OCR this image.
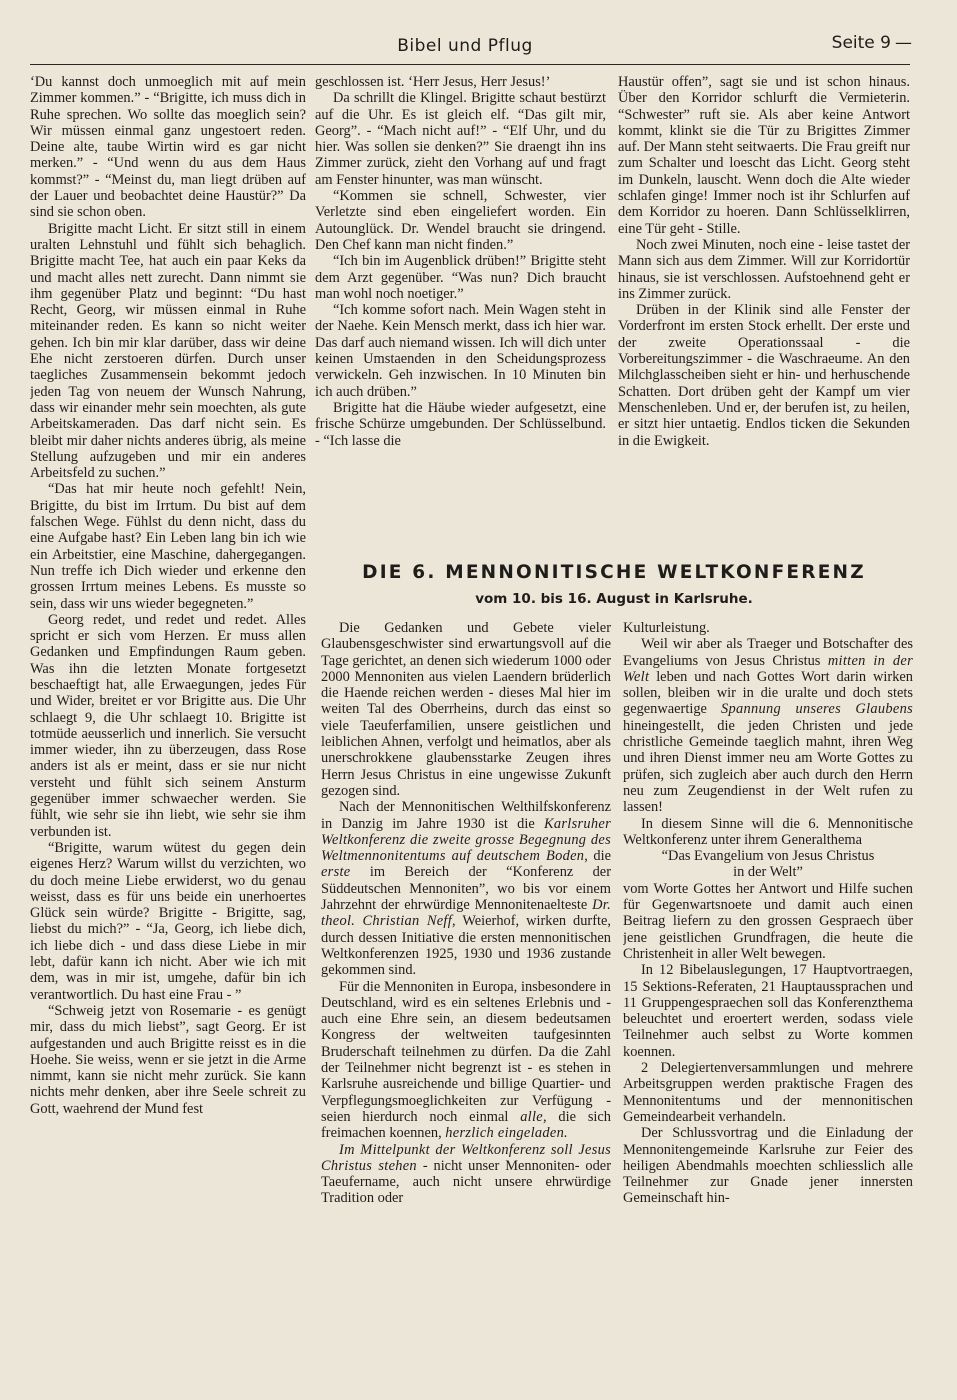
Bibel und Pflug	Seite 9 —

‘Du kannst doch unmoeglich mit auf mein Zimmer kommen.” - “Brigitte, ich muss dich in Ruhe sprechen. Wo sollte das moeglich sein? Wir müssen einmal ganz ungestoert reden. Deine alte, taube Wirtin wird es gar nicht merken.” - “Und wenn du aus dem Haus kommst?” - “Meinst du, man liegt drüben auf der Lauer und beobachtet deine Haustür?” Da sind sie schon oben.

Brigitte macht Licht. Er sitzt still in einem uralten Lehnstuhl und fühlt sich behaglich. Brigitte macht Tee, hat auch ein paar Keks da und macht alles nett zurecht. Dann nimmt sie ihm gegenüber Platz und beginnt: “Du hast Recht, Georg, wir müssen einmal in Ruhe miteinander reden. Es kann so nicht weiter gehen. Ich bin mir klar darüber, dass wir deine Ehe nicht zerstoeren dürfen. Durch unser taegliches Zusammensein bekommt jedoch jeden Tag von neuem der Wunsch Nahrung, dass wir einander mehr sein moechten, als gute Arbeitskameraden. Das darf nicht sein. Es bleibt mir daher nichts anderes übrig, als meine Stellung aufzugeben und mir ein anderes Arbeitsfeld zu suchen.”

“Das hat mir heute noch gefehlt! Nein, Brigitte, du bist im Irrtum. Du bist auf dem falschen Wege. Fühlst du denn nicht, dass du eine Aufgabe hast? Ein Leben lang bin ich wie ein Arbeitstier, eine Maschine, dahergegangen. Nun treffe ich Dich wieder und erkenne den grossen Irrtum meines Lebens. Es musste so sein, dass wir uns wieder begegneten.”

Georg redet, und redet und redet. Alles spricht er sich vom Herzen. Er muss allen Gedanken und Empfindungen Raum geben. Was ihn die letzten Monate fortgesetzt beschaeftigt hat, alle Erwaegungen, jedes Für und Wider, breitet er vor Brigitte aus. Die Uhr schlaegt 9, die Uhr schlaegt 10. Brigitte ist totmüde aeusserlich und innerlich. Sie versucht immer wieder, ihn zu überzeugen, dass Rose anders ist als er meint, dass er sie nur nicht versteht und fühlt sich seinem Ansturm gegenüber immer schwaecher werden. Sie fühlt, wie sehr sie ihn liebt, wie sehr sie ihm verbunden ist.

“Brigitte, warum wütest du gegen dein eigenes Herz? Warum willst du verzichten, wo du doch meine Liebe erwiderst, wo du genau weisst, dass es für uns beide ein unerhoertes Glück sein würde? Brigitte - Brigitte, sag, liebst du mich?” - “Ja, Georg, ich liebe dich, ich liebe dich - und dass diese Liebe in mir lebt, dafür kann ich nicht. Aber wie ich mit dem, was in mir ist, umgehe, dafür bin ich verantwortlich. Du hast eine Frau - ”

“Schweig jetzt von Rosemarie - es genügt mir, dass du mich liebst”, sagt Georg. Er ist aufgestanden und auch Brigitte reisst es in die Hoehe. Sie weiss, wenn er sie jetzt in die Arme nimmt, kann sie nicht mehr zurück. Sie kann nichts mehr denken, aber ihre Seele schreit zu Gott, waehrend der Mund fest

geschlossen ist. ‘Herr Jesus, Herr Jesus!’

Da schrillt die Klingel. Brigitte schaut bestürzt auf die Uhr. Es ist gleich elf. “Das gilt mir, Georg”. - “Mach nicht auf!” - “Elf Uhr, und du hier. Was sollen sie denken?” Sie draengt ihn ins Zimmer zurück, zieht den Vorhang auf und fragt am Fenster hinunter, was man wünscht.

“Kommen sie schnell, Schwester, vier Verletzte sind eben eingeliefert worden. Ein Autounglück. Dr. Wendel braucht sie dringend. Den Chef kann man nicht finden.”

“Ich bin im Augenblick drüben!” Brigitte steht dem Arzt gegenüber. “Was nun? Dich braucht man wohl noch noetiger.”

“Ich komme sofort nach. Mein Wagen steht in der Naehe. Kein Mensch merkt, dass ich hier war. Das darf auch niemand wissen. Ich will dich unter keinen Umstaenden in den Scheidungsprozess verwickeln. Geh inzwischen. In 10 Minuten bin ich auch drüben.”

Brigitte hat die Häube wieder aufgesetzt, eine frische Schürze umgebunden. Der Schlüsselbund. - “Ich lasse die

Haustür offen”, sagt sie und ist schon hinaus. Über den Korridor schlurft die Vermieterin. “Schwester” ruft sie. Als aber keine Antwort kommt, klinkt sie die Tür zu Brigittes Zimmer auf. Der Mann steht seitwaerts. Die Frau greift nur zum Schalter und loescht das Licht. Georg steht im Dunkeln, lauscht. Wenn doch die Alte wieder schlafen ginge! Immer noch ist ihr Schlurfen auf dem Korridor zu hoeren. Dann Schlüsselklirren, eine Tür geht - Stille.

Noch zwei Minuten, noch eine - leise tastet der Mann sich aus dem Zimmer. Will zur Korridortür hinaus, sie ist verschlossen. Aufstoehnend geht er ins Zimmer zurück.

Drüben in der Klinik sind alle Fenster der Vorderfront im ersten Stock erhellt. Der erste und der zweite Operationssaal - die Vorbereitungszimmer - die Waschraeume. An den Milchglasscheiben sieht er hin- und herhuschende Schatten. Dort drüben geht der Kampf um vier Menschenleben. Und er, der berufen ist, zu heilen, er sitzt hier untaetig. Endlos ticken die Sekunden in die Ewigkeit.

DIE 6. MENNONITISCHE WELTKONFERENZ
vom 10. bis 16. August in Karlsruhe.

Die Gedanken und Gebete vieler Glaubensgeschwister sind erwartungsvoll auf die Tage gerichtet, an denen sich wiederum 1000 oder 2000 Mennoniten aus vielen Laendern brüderlich die Haende reichen werden - dieses Mal hier im weiten Tal des Oberrheins, durch das einst so viele Taeuferfamilien, unsere geistlichen und leiblichen Ahnen, verfolgt und heimatlos, aber als unerschrokkene glaubensstarke Zeugen ihres Herrn Jesus Christus in eine ungewisse Zukunft gezogen sind.

Nach der Mennonitischen Welthilfskonferenz in Danzig im Jahre 1930 ist die Karlsruher Weltkonferenz die zweite grosse Begegnung des Weltmennonitentums auf deutschem Boden, die erste im Bereich der “Konferenz der Süddeutschen Mennoniten”, wo bis vor einem Jahrzehnt der ehrwürdige Mennonitenaelteste Dr. theol. Christian Neff, Weierhof, wirken durfte, durch dessen Initiative die ersten mennonitischen Weltkonferenzen 1925, 1930 und 1936 zustande gekommen sind.

Für die Mennoniten in Europa, insbesondere in Deutschland, wird es ein seltenes Erlebnis und - auch eine Ehre sein, an diesem bedeutsamen Kongress der weltweiten taufgesinnten Bruderschaft teilnehmen zu dürfen. Da die Zahl der Teilnehmer nicht begrenzt ist - es stehen in Karlsruhe ausreichende und billige Quartier- und Verpflegungsmoeglichkeiten zur Verfügung - seien hierdurch noch einmal alle, die sich freimachen koennen, herzlich eingeladen.

Im Mittelpunkt der Weltkonferenz soll Jesus Christus stehen - nicht unser Mennoniten- oder Taeufername, auch nicht unsere ehrwürdige Tradition oder

Kulturleistung.

Weil wir aber als Traeger und Botschafter des Evangeliums von Jesus Christus mitten in der Welt leben und nach Gottes Wort darin wirken sollen, bleiben wir in die uralte und doch stets gegenwaertige Spannung unseres Glaubens hineingestellt, die jeden Christen und jede christliche Gemeinde taeglich mahnt, ihren Weg und ihren Dienst immer neu am Worte Gottes zu prüfen, sich zugleich aber auch durch den Herrn neu zum Zeugendienst in der Welt rufen zu lassen!

In diesem Sinne will die 6. Mennonitische Weltkonferenz unter ihrem Generalthema

“Das Evangelium von Jesus Christus

in der Welt”

vom Worte Gottes her Antwort und Hilfe suchen für Gegenwartsnoete und damit auch einen Beitrag liefern zu den grossen Gespraech über jene geistlichen Grundfragen, die heute die Christenheit in aller Welt bewegen.

In 12 Bibelauslegungen, 17 Hauptvortraegen, 15 Sektions-Referaten, 21 Hauptaussprachen und 11 Gruppengespraechen soll das Konferenzthema beleuchtet und eroertert werden, sodass viele Teilnehmer auch selbst zu Worte kommen koennen.

2 Delegiertenversammlungen und mehrere Arbeitsgruppen werden praktische Fragen des Mennonitentums und der mennonitischen Gemeindearbeit verhandeln.

Der Schlussvortrag und die Einladung der Mennonitengemeinde Karlsruhe zur Feier des heiligen Abendmahls moechten schliesslich alle Teilnehmer zur Gnade jener innersten Gemeinschaft hin-
